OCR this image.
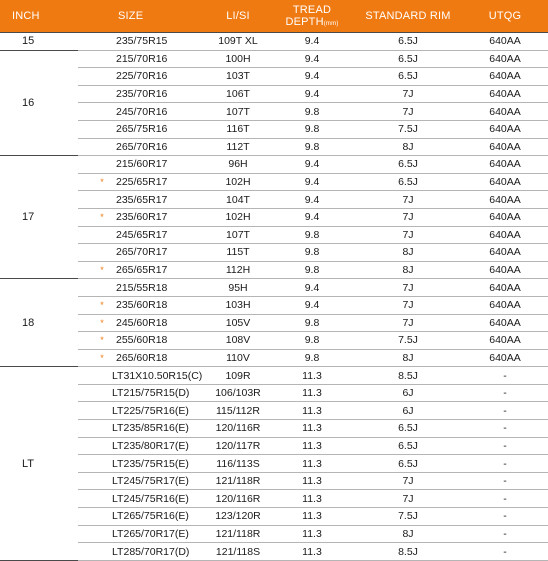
INCH	SIZE		LI/SI	TREAD DEPTH(mm)	STANDARD RIM	UTQG
15		235/75R15	109T XL	9.4	6.5J	640AA
16		215/70R16	100H	9.4	6.5J	640AA
		225/70R16	103T	9.4	6.5J	640AA
		235/70R16	106T	9.4	7J	640AA
		245/70R16	107T	9.8	7J	640AA
		265/75R16	116T	9.8	7.5J	640AA
		265/70R16	112T	9.8	8J	640AA
17		215/60R17	96H	9.4	6.5J	640AA
	*	225/65R17	102H	9.4	6.5J	640AA
		235/65R17	104T	9.4	7J	640AA
	*	235/60R17	102H	9.4	7J	640AA
		245/65R17	107T	9.8	7J	640AA
		265/70R17	115T	9.8	8J	640AA
	*	265/65R17	112H	9.8	8J	640AA
18		215/55R18	95H	9.4	7J	640AA
	*	235/60R18	103H	9.4	7J	640AA
	*	245/60R18	105V	9.8	7J	640AA
	*	255/60R18	108V	9.8	7.5J	640AA
	*	265/60R18	110V	9.8	8J	640AA
LT		LT31X10.50R15(C)	109R	11.3	8.5J	-
		LT215/75R15(D)	106/103R	11.3	6J	-
		LT225/75R16(E)	115/112R	11.3	6J	-
		LT235/85R16(E)	120/116R	11.3	6.5J	-
		LT235/80R17(E)	120/117R	11.3	6.5J	-
		LT235/75R15(E)	116/113S	11.3	6.5J	-
		LT245/75R17(E)	121/118R	11.3	7J	-
		LT245/75R16(E)	120/116R	11.3	7J	-
		LT265/75R16(E)	123/120R	11.3	7.5J	-
		LT265/70R17(E)	121/118R	11.3	8J	-
		LT285/70R17(D)	121/118S	11.3	8.5J	-
